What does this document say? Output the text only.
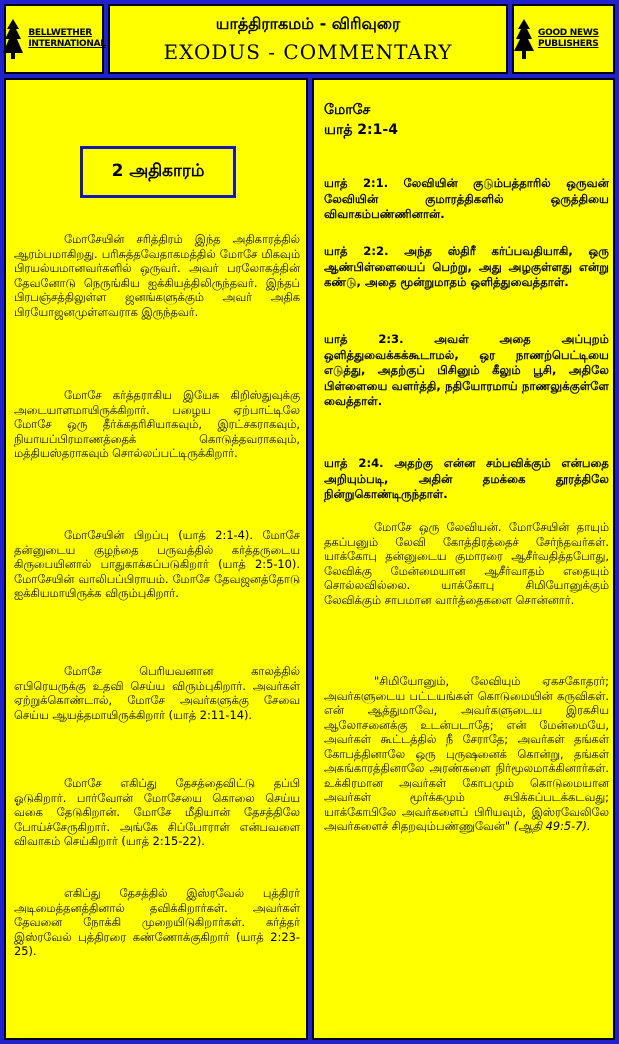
BELLWETHER INTERNATIONAL
யாத்திராகமம் - விரிவுரை
EXODUS - COMMENTARY
GOOD NEWS PUBLISHERS
2 அதிகாரம்

மோசேயின் சரித்திரம் இந்த அதிகாரத்தில் ஆரம்பமாகிறது. பரிசுத்தவேதாகமத்தில் மோசே மிகவும் பிரயல்யமானவர்களில் ஒருவர். அவர் பரலோகத்தின் தேவனோடு நெருங்கிய ஐக்கியத்திலிருந்தவர். இந்தப் பிரபஞ்சத்திலுள்ள ஜனங்களுக்கும் அவர் அதிக பிரயோஜனமுள்ளவராக இருந்தவர்.

மோசே கர்த்தராகிய இயேசு கிறிஸ்துவுக்கு அடையாளமாயிருக்கிறார். பழைய ஏற்பாட்டிலே மோசே ஒரு தீர்க்கதரிசியாகவும், இரட்சகராகவும், நியாயப்பிரமாணத்தைக் கொடுத்தவராகவும், மத்தியஸ்தராகவும் சொல்லப்பட்டிருக்கிறார்.

மோசேயின் பிறப்பு (யாத் 2:1-4). மோசே தன்னுடைய குழந்தை பருவத்தில் கர்த்தருடைய கிருபையினால் பாதுகாக்கப்படுகிறார் (யாத் 2:5-10). மோசேயின் வாலிபப்பிராயம். மோசே தேவஜனத்தோடு ஐக்கியமாயிருக்க விரும்புகிறார்.

மோசே பெரியவனான காலத்தில் எபிரெயருக்கு உதவி செய்ய விரும்புகிறார். அவர்கள் ஏற்றுக்கொண்டால், மோசே அவர்களுக்கு சேவை செய்ய ஆயத்தமாயிருக்கிறார் (யாத் 2:11-14).

மோசே எகிப்து தேசத்தைவிட்டு தப்பி ஓடுகிறார். பார்வோன் மோசேயை கொலை செய்ய வகை தேடுகிறான். மோசே மீதியான் தேசத்திலே போய்ச்சேருகிறார். அங்கே சிப்போராள் என்பவளை விவாகம் செய்கிறார் (யாத் 2:15-22).

எகிப்து தேசத்தில் இஸ்ரவேல் புத்திரர் அடிமைத்தனத்தினால் தவிக்கிறார்கள். அவர்கள் தேவனை நோக்கி முறையிடுகிறார்கள். கர்த்தர் இஸ்ரவேல் புத்திரரை கண்ணோக்குகிறார் (யாத் 2:23-25).

மோசே
யாத் 2:1-4

யாத் 2:1. லேவியின் குடும்பத்தாரில் ஒருவன் லேவியின் குமாரத்திகளில் ஒருத்தியை விவாகம்பண்ணினான்.

யாத் 2:2. அந்த ஸ்திரீ கர்ப்பவதியாகி, ஒரு ஆண்பிள்ளையைப் பெற்று, அது அழகுள்ளது என்று கண்டு, அதை மூன்றுமாதம் ஒளித்துவைத்தாள்.

யாத் 2:3. அவள் அதை அப்புறம் ஒளித்துவைக்கக்கூடாமல், ஒர நாணற்பெட்டியை எடுத்து, அதற்குப் பிசினும் கீலும் பூசி, அதிலே பிள்ளையை வளர்த்தி, நதியோரமாய் நாணலுக்குள்ளே வைத்தாள்.

யாத் 2:4. அதற்கு என்ன சம்பவிக்கும் என்பதை அறியும்படி, அதின் தமக்கை தூரத்திலே நின்றுகொண்டிருந்தாள்.

மோசே ஒரு லேவியன். மோசேயின் தாயும் தகப்பனும் லேவி கோத்திரத்தைச் சேர்ந்தவர்கள். யாக்கோபு தன்னுடைய குமாரரை ஆசீர்வதித்தபோது, லேவிக்கு மேன்மையான ஆசீர்வாதம் எதையும் சொல்லவில்லை. யாக்கோபு சிமியோனுக்கும் லேவிக்கும் சாபமான வார்த்தைகளை சொன்னார்.

"சிமியோனும், லேவியும் ஏகசகோதரர்; அவர்களுடைய பட்டயங்கள் கொடுமையின் கருவிகள். என் ஆத்துமாவே, அவர்களுடைய இரகசிய ஆலோசனைக்கு உடன்படாதே; என் மேன்மையே, அவர்கள் கூட்டத்தில் நீ சேராதே; அவர்கள் தங்கள் கோபத்தினாலே ஒரு புருஷனைக் கொன்று, தங்கள் அகங்காரத்தினாலே அரண்களை நிர்மூலமாக்கினார்கள். உக்கிரமான அவர்கள் கோபமும் கொடுமையான அவர்கள் மூர்க்கமும் சபிக்கப்படக்கடவது; யாக்கோபிலே அவர்களைப் பிரியவும், இஸ்ரவேலிலே அவர்களைச் சிதறவும்பண்ணுவேன்" (ஆதி 49:5-7).
